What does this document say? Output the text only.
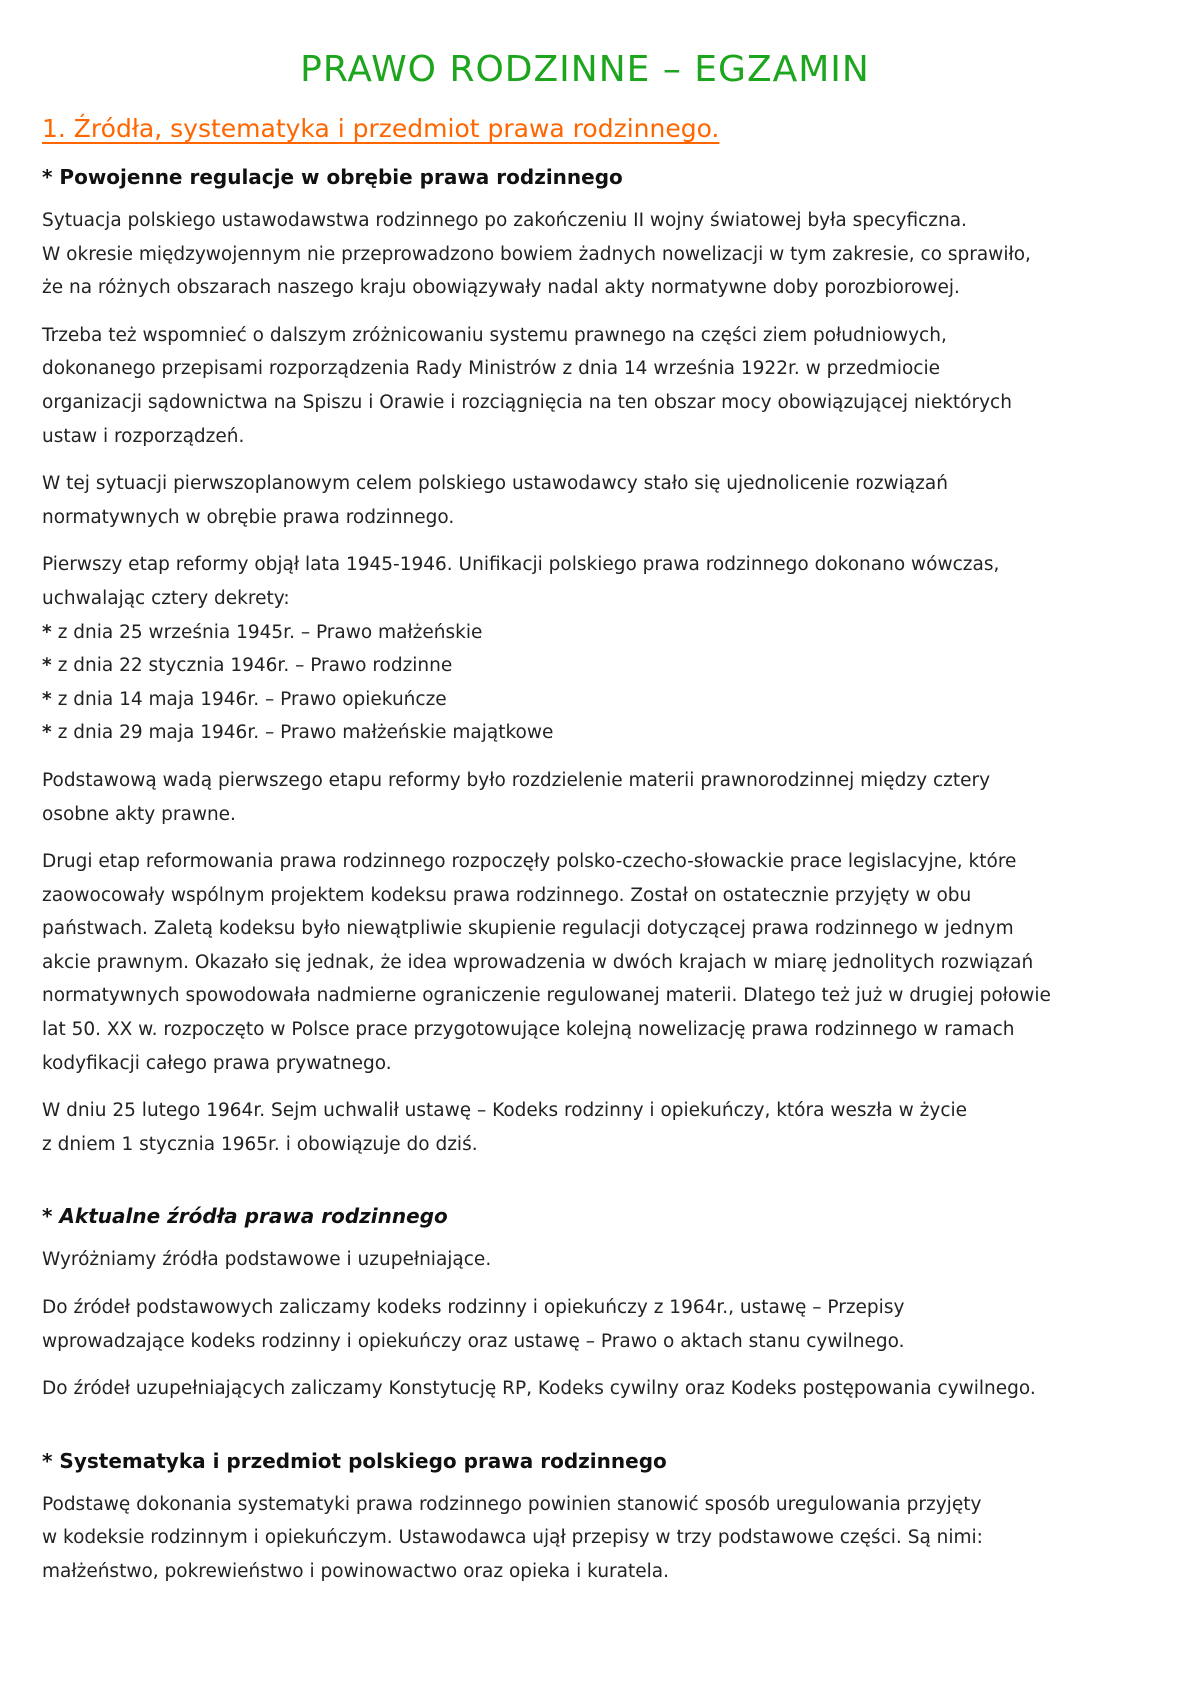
PRAWO RODZINNE – EGZAMIN
1. Źródła, systematyka i przedmiot prawa rodzinnego.
* Powojenne regulacje w obrębie prawa rodzinnego

Sytuacja polskiego ustawodawstwa rodzinnego po zakończeniu II wojny światowej była specyficzna.
W okresie międzywojennym nie przeprowadzono bowiem żadnych nowelizacji w tym zakresie, co sprawiło,
że na różnych obszarach naszego kraju obowiązywały nadal akty normatywne doby porozbiorowej.

Trzeba też wspomnieć o dalszym zróżnicowaniu systemu prawnego na części ziem południowych,
dokonanego przepisami rozporządzenia Rady Ministrów z dnia 14 września 1922r. w przedmiocie
organizacji sądownictwa na Spiszu i Orawie i rozciągnięcia na ten obszar mocy obowiązującej niektórych
ustaw i rozporządzeń.

W tej sytuacji pierwszoplanowym celem polskiego ustawodawcy stało się ujednolicenie rozwiązań
normatywnych w obrębie prawa rodzinnego.

Pierwszy etap reformy objął lata 1945-1946. Unifikacji polskiego prawa rodzinnego dokonano wówczas,
uchwalając cztery dekrety:

* z dnia 25 września 1945r. – Prawo małżeńskie
* z dnia 22 stycznia 1946r. – Prawo rodzinne
* z dnia 14 maja 1946r. – Prawo opiekuńcze
* z dnia 29 maja 1946r. – Prawo małżeńskie majątkowe

Podstawową wadą pierwszego etapu reformy było rozdzielenie materii prawnorodzinnej między cztery
osobne akty prawne.

Drugi etap reformowania prawa rodzinnego rozpoczęły polsko-czecho-słowackie prace legislacyjne, które
zaowocowały wspólnym projektem kodeksu prawa rodzinnego. Został on ostatecznie przyjęty w obu
państwach. Zaletą kodeksu było niewątpliwie skupienie regulacji dotyczącej prawa rodzinnego w jednym
akcie prawnym. Okazało się jednak, że idea wprowadzenia w dwóch krajach w miarę jednolitych rozwiązań
normatywnych spowodowała nadmierne ograniczenie regulowanej materii. Dlatego też już w drugiej połowie
lat 50. XX w. rozpoczęto w Polsce prace przygotowujące kolejną nowelizację prawa rodzinnego w ramach
kodyfikacji całego prawa prywatnego.

W dniu 25 lutego 1964r. Sejm uchwalił ustawę – Kodeks rodzinny i opiekuńczy, która weszła w życie
z dniem 1 stycznia 1965r. i obowiązuje do dziś.

* Aktualne źródła prawa rodzinnego

Wyróżniamy źródła podstawowe i uzupełniające.

Do źródeł podstawowych zaliczamy kodeks rodzinny i opiekuńczy z 1964r., ustawę – Przepisy
wprowadzające kodeks rodzinny i opiekuńczy oraz ustawę – Prawo o aktach stanu cywilnego.

Do źródeł uzupełniających zaliczamy Konstytucję RP, Kodeks cywilny oraz Kodeks postępowania cywilnego.

* Systematyka i przedmiot polskiego prawa rodzinnego

Podstawę dokonania systematyki prawa rodzinnego powinien stanowić sposób uregulowania przyjęty
w kodeksie rodzinnym i opiekuńczym. Ustawodawca ujął przepisy w trzy podstawowe części. Są nimi:
małżeństwo, pokrewieństwo i powinowactwo oraz opieka i kuratela.
